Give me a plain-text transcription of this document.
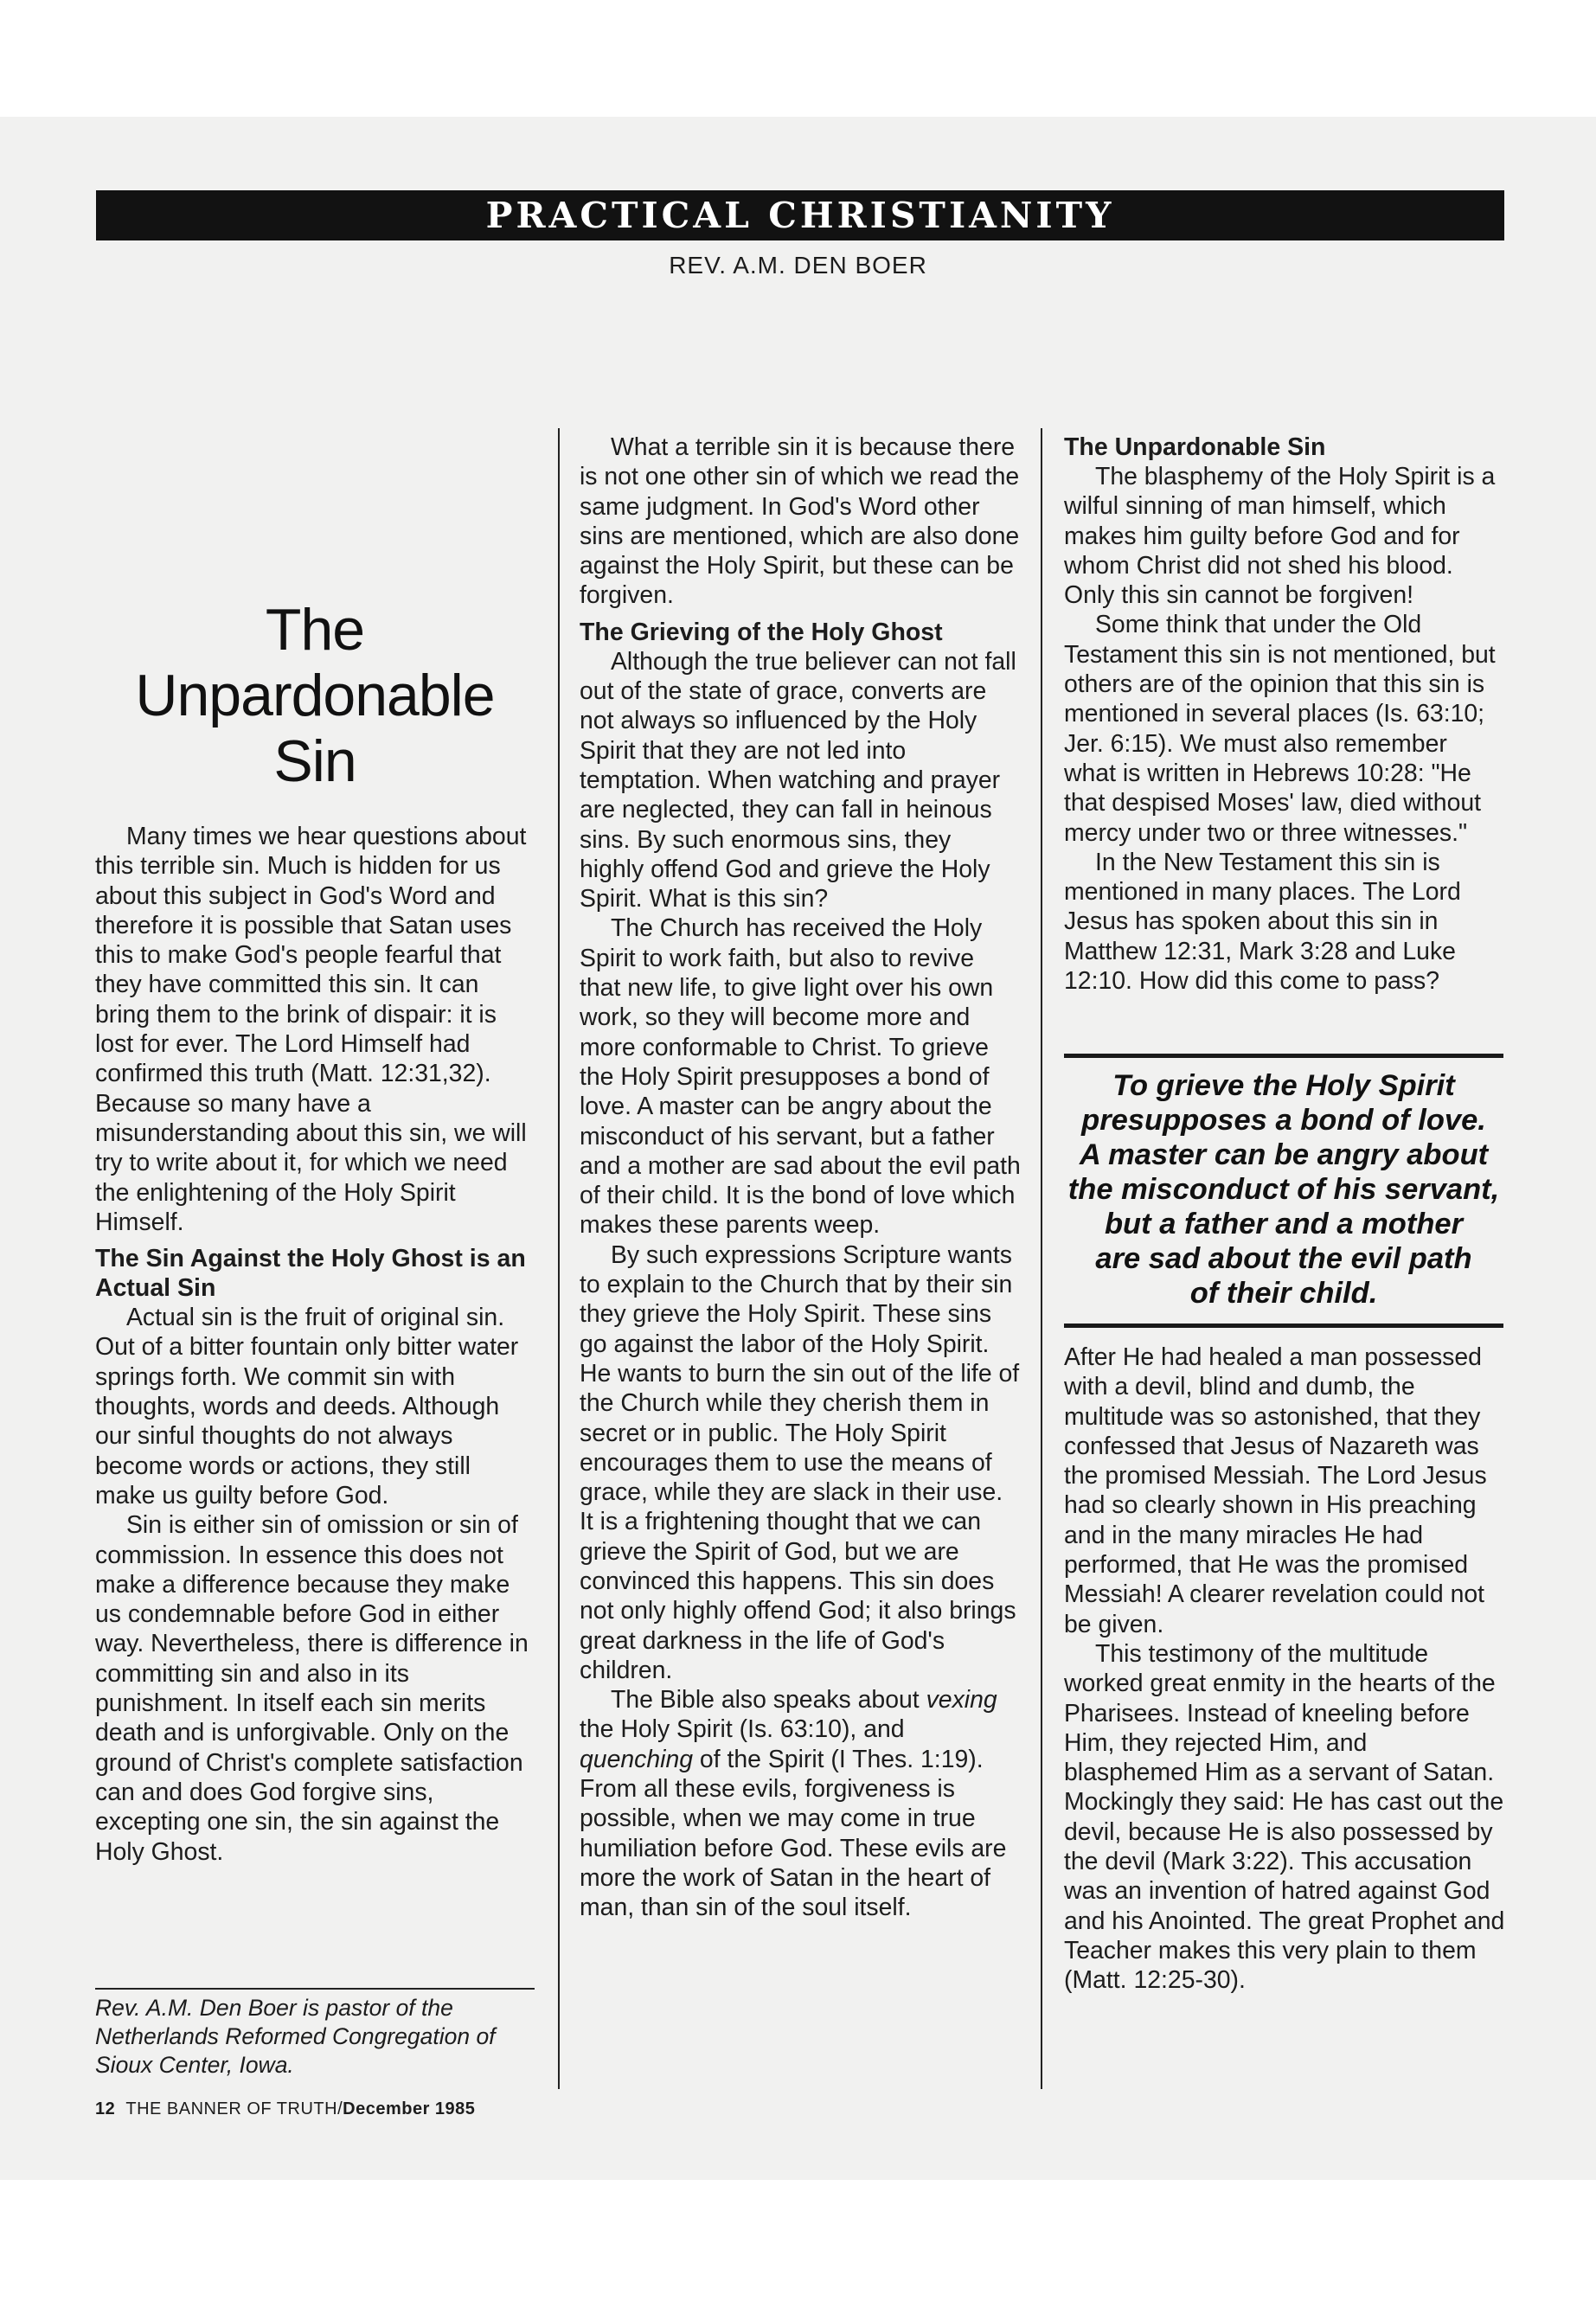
PRACTICAL CHRISTIANITY
REV. A.M. DEN BOER
The
Unpardonable
Sin

Many times we hear questions about this terrible sin. Much is hidden for us about this subject in God's Word and therefore it is possible that Satan uses this to make God's people fearful that they have committed this sin. It can bring them to the brink of dispair: it is lost for ever. The Lord Himself had confirmed this truth (Matt. 12:31,32). Because so many have a misunderstanding about this sin, we will try to write about it, for which we need the enlightening of the Holy Spirit Himself.

The Sin Against the Holy Ghost is an Actual Sin

Actual sin is the fruit of original sin. Out of a bitter fountain only bitter water springs forth. We commit sin with thoughts, words and deeds. Although our sinful thoughts do not always become words or actions, they still make us guilty before God.

Sin is either sin of omission or sin of commission. In essence this does not make a difference because they make us condemnable before God in either way. Nevertheless, there is difference in committing sin and also in its punishment. In itself each sin merits death and is unforgivable. Only on the ground of Christ's complete satisfaction can and does God forgive sins, excepting one sin, the sin against the Holy Ghost.

Rev. A.M. Den Boer is pastor of the Netherlands Reformed Congregation of Sioux Center, Iowa.
12 THE BANNER OF TRUTH/December 1985

What a terrible sin it is because there is not one other sin of which we read the same judgment. In God's Word other sins are mentioned, which are also done against the Holy Spirit, but these can be forgiven.

The Grieving of the Holy Ghost

Although the true believer can not fall out of the state of grace, converts are not always so influenced by the Holy Spirit that they are not led into temptation. When watching and prayer are neglected, they can fall in heinous sins. By such enormous sins, they highly offend God and grieve the Holy Spirit. What is this sin?

The Church has received the Holy Spirit to work faith, but also to revive that new life, to give light over his own work, so they will become more and more conformable to Christ. To grieve the Holy Spirit presupposes a bond of love. A master can be angry about the misconduct of his servant, but a father and a mother are sad about the evil path of their child. It is the bond of love which makes these parents weep.

By such expressions Scripture wants to explain to the Church that by their sin they grieve the Holy Spirit. These sins go against the labor of the Holy Spirit. He wants to burn the sin out of the life of the Church while they cherish them in secret or in public. The Holy Spirit encourages them to use the means of grace, while they are slack in their use. It is a frightening thought that we can grieve the Spirit of God, but we are convinced this happens. This sin does not only highly offend God; it also brings great darkness in the life of God's children.

The Bible also speaks about vexing the Holy Spirit (Is. 63:10), and quenching of the Spirit (I Thes. 1:19). From all these evils, forgiveness is possible, when we may come in true humiliation before God. These evils are more the work of Satan in the heart of man, than sin of the soul itself.

The Unpardonable Sin

The blasphemy of the Holy Spirit is a wilful sinning of man himself, which makes him guilty before God and for whom Christ did not shed his blood. Only this sin cannot be forgiven!

Some think that under the Old Testament this sin is not mentioned, but others are of the opinion that this sin is mentioned in several places (Is. 63:10; Jer. 6:15). We must also remember what is written in Hebrews 10:28: "He that despised Moses' law, died without mercy under two or three witnesses."

In the New Testament this sin is mentioned in many places. The Lord Jesus has spoken about this sin in Matthew 12:31, Mark 3:28 and Luke 12:10. How did this come to pass?

To grieve the Holy Spirit

presupposes a bond of love.

A master can be angry about

the misconduct of his servant,

but a father and a mother

are sad about the evil path

of their child.

After He had healed a man possessed with a devil, blind and dumb, the multitude was so astonished, that they confessed that Jesus of Nazareth was the promised Messiah. The Lord Jesus had so clearly shown in His preaching and in the many miracles He had performed, that He was the promised Messiah! A clearer revelation could not be given.

This testimony of the multitude worked great enmity in the hearts of the Pharisees. Instead of kneeling before Him, they rejected Him, and blasphemed Him as a servant of Satan. Mockingly they said: He has cast out the devil, because He is also possessed by the devil (Mark 3:22). This accusation was an invention of hatred against God and his Anointed. The great Prophet and Teacher makes this very plain to them (Matt. 12:25-30).
